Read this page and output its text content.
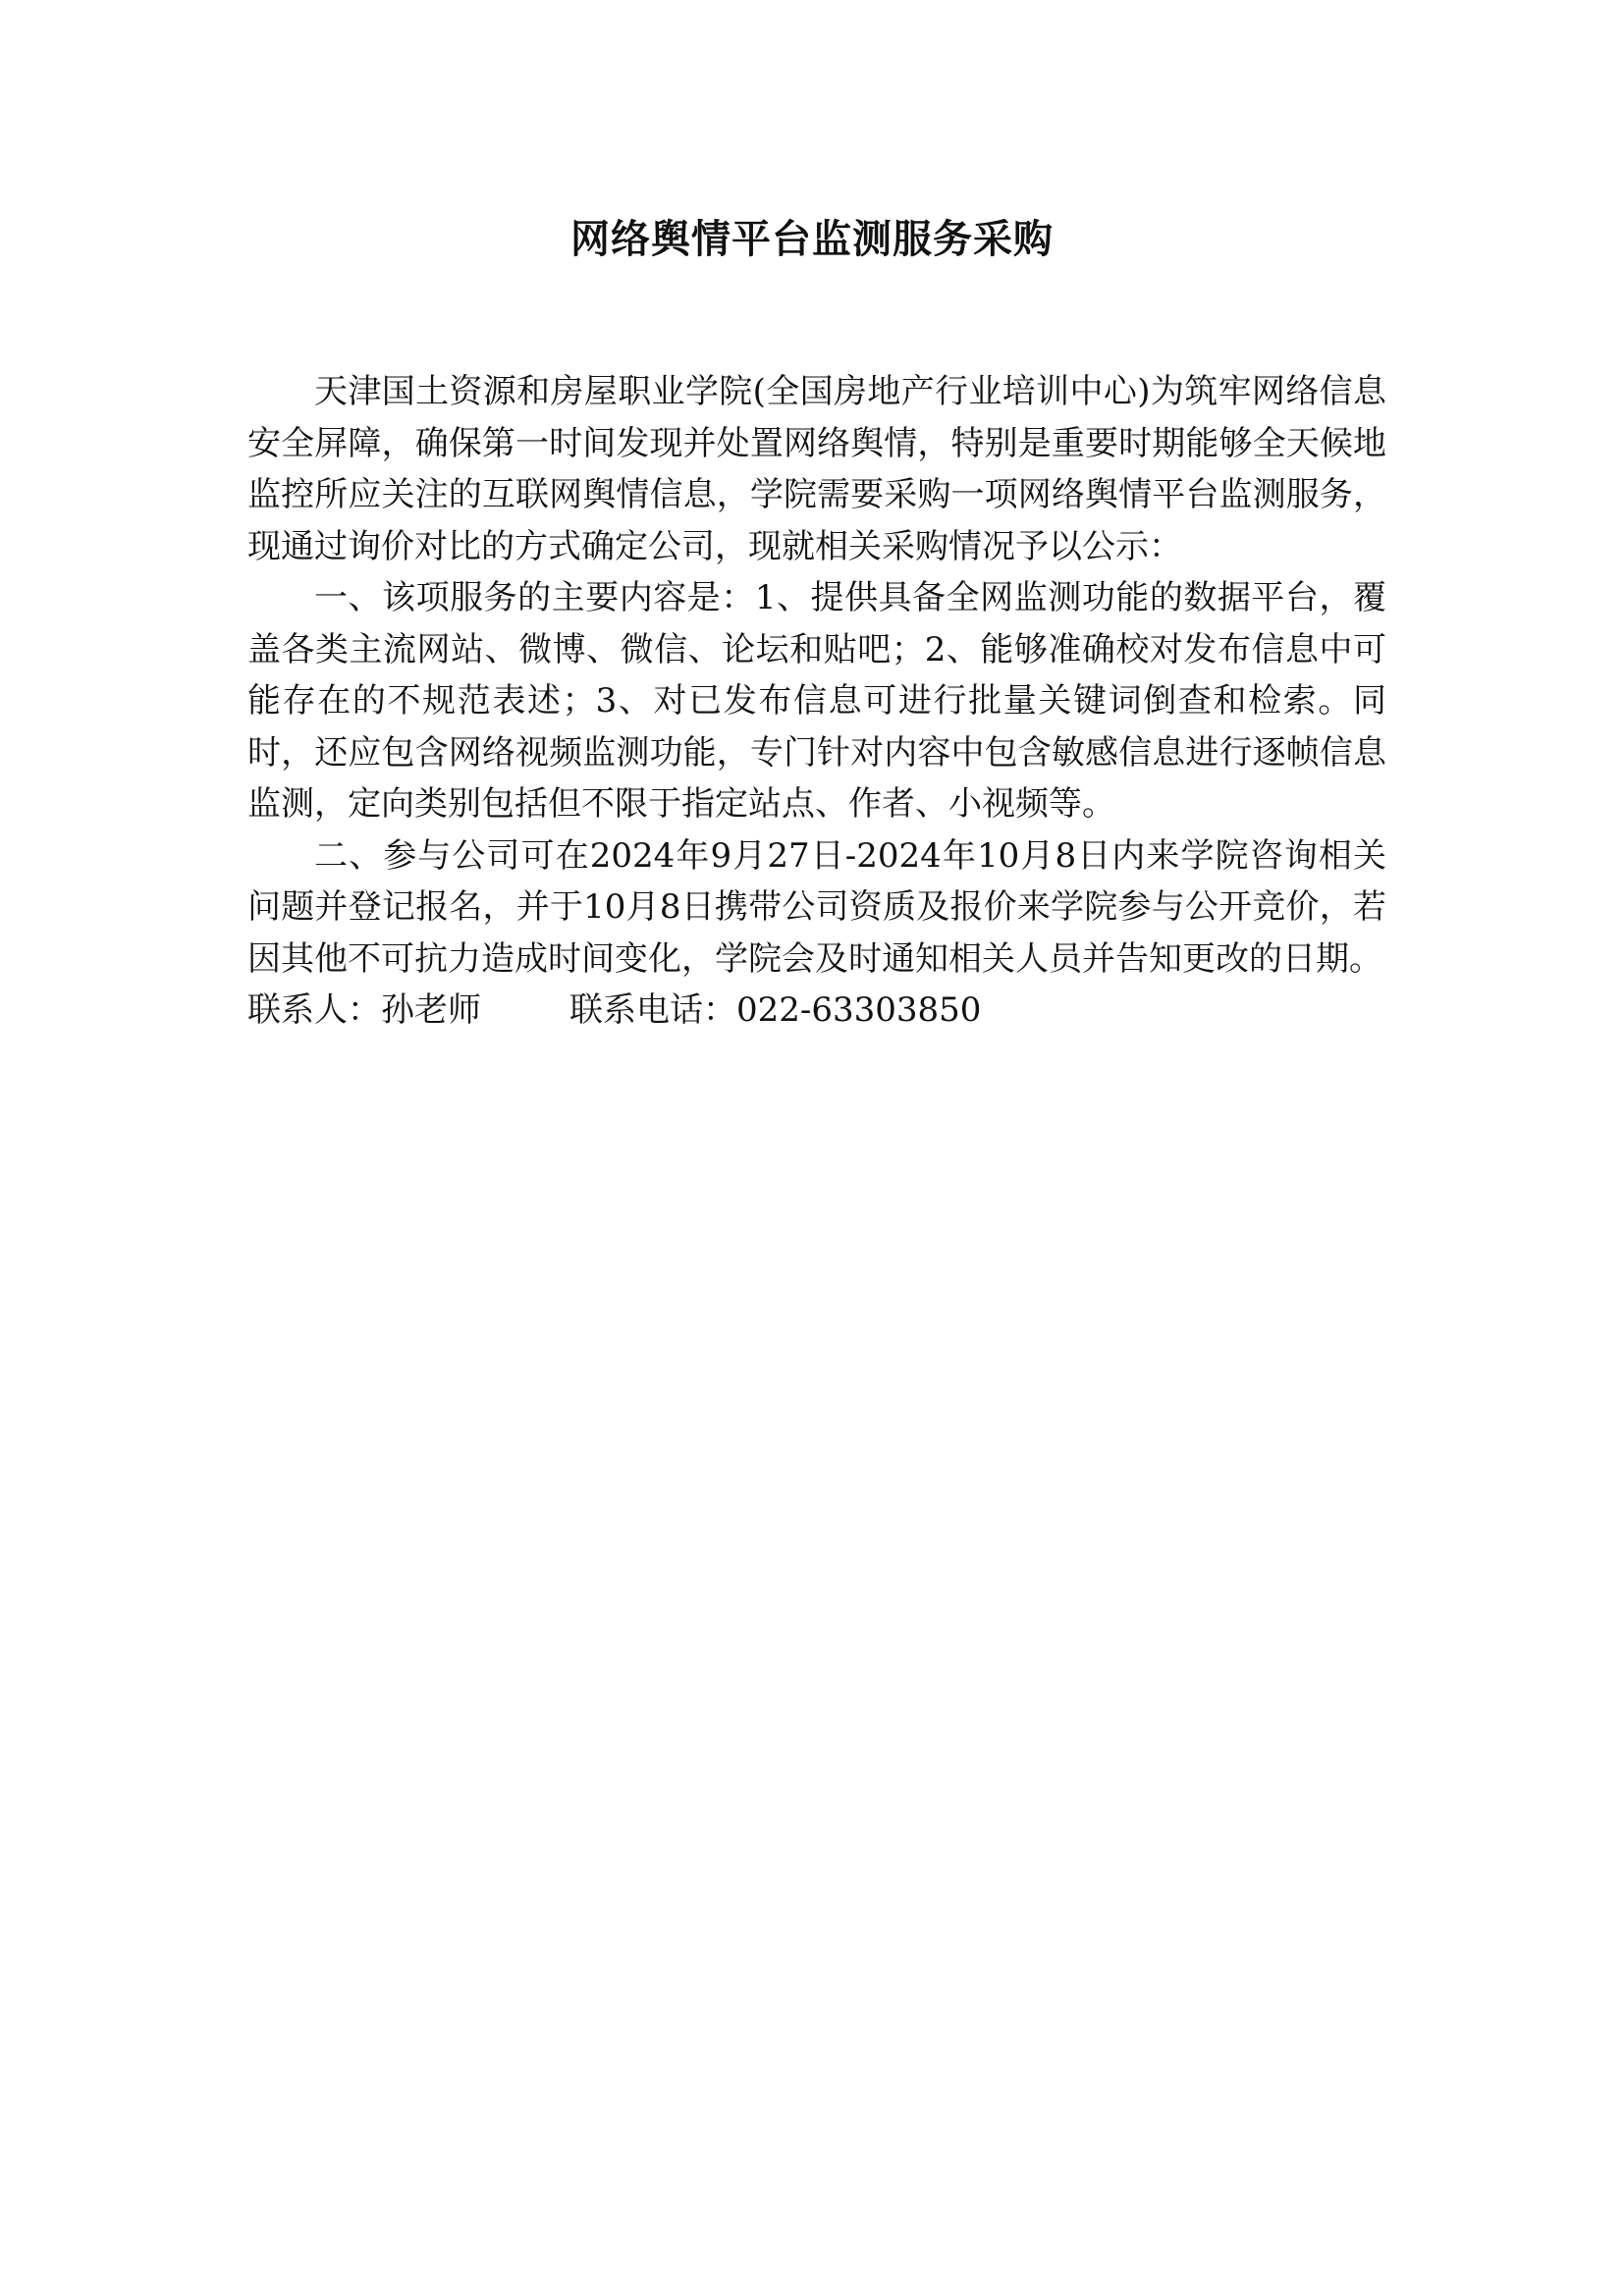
网络舆情平台监测服务采购

天津国土资源和房屋职业学院(全国房地产行业培训中心)为筑牢网络信息安全屏障，确保第一时间发现并处置网络舆情，特别是重要时期能够全天候地监控所应关注的互联网舆情信息，学院需要采购一项网络舆情平台监测服务，现通过询价对比的方式确定公司，现就相关采购情况予以公示：

一、该项服务的主要内容是：1、提供具备全网监测功能的数据平台，覆盖各类主流网站、微博、微信、论坛和贴吧；2、能够准确校对发布信息中可能存在的不规范表述；3、对已发布信息可进行批量关键词倒查和检索。同时，还应包含网络视频监测功能，专门针对内容中包含敏感信息进行逐帧信息监测，定向类别包括但不限于指定站点、作者、小视频等。

二、参与公司可在2024年9月27日-2024年10月8日内来学院咨询相关问题并登记报名，并于10月8日携带公司资质及报价来学院参与公开竞价，若因其他不可抗力造成时间变化，学院会及时通知相关人员并告知更改的日期。

联系人：孙老师	联系电话：022-63303850
